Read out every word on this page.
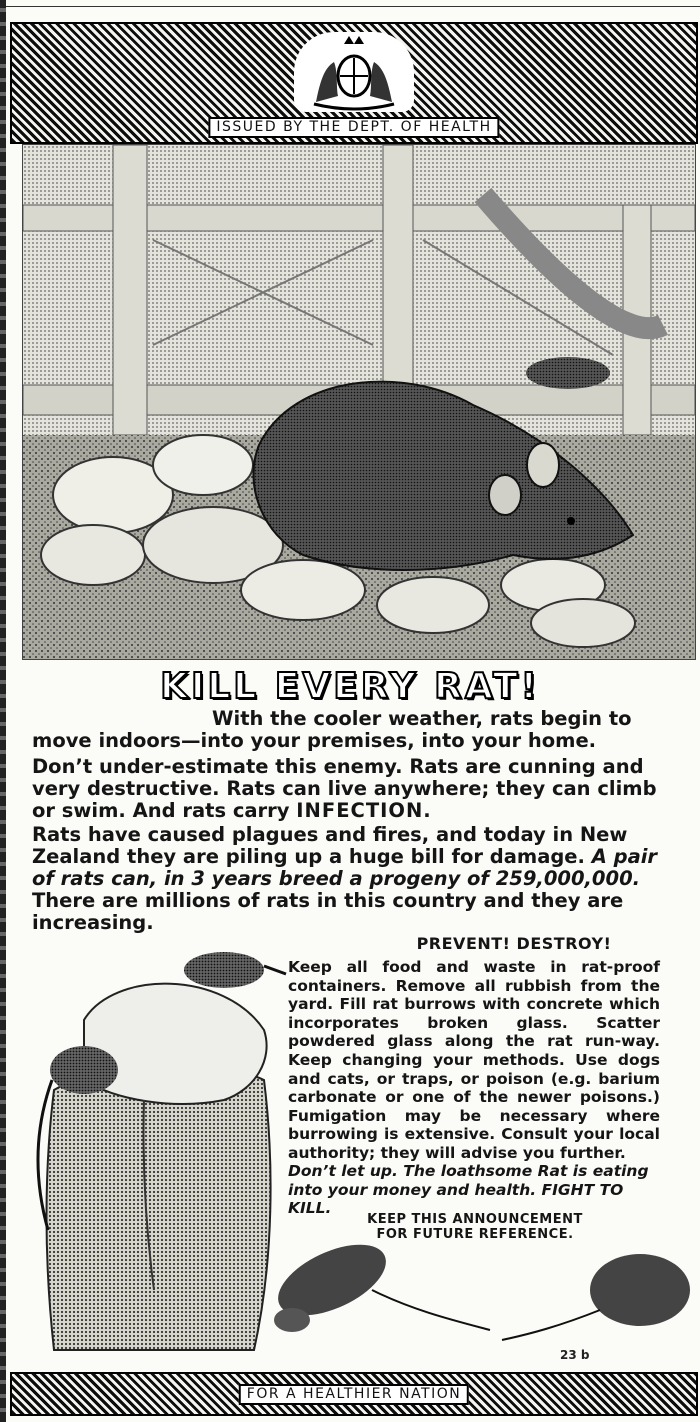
ISSUED BY THE DEPT. OF HEALTH
KILL EVERY RAT!
With the cooler weather, rats begin to move indoors—into your premises, into your home.
Don’t under-estimate this enemy. Rats are cunning and very destructive. Rats can live anywhere; they can climb or swim. And rats carry INFECTION.
Rats have caused plagues and fires, and today in New Zealand they are piling up a huge bill for damage. A pair of rats can, in 3 years breed a progeny of 259,000,000. There are millions of rats in this country and they are increasing.
PREVENT! DESTROY!
Keep all food and waste in rat-proof containers. Remove all rubbish from the yard. Fill rat burrows with concrete which incorporates broken glass. Scatter powdered glass along the rat run-way. Keep changing your methods. Use dogs and cats, or traps, or poison (e.g. barium carbonate or one of the newer poisons.) Fumigation may be necessary where burrowing is extensive. Consult your local authority; they will advise you further.
Don’t let up. The loathsome Rat is eating into your money and health. FIGHT TO KILL.
KEEP THIS ANNOUNCEMENT
FOR FUTURE REFERENCE.
23 b
FOR A HEALTHIER NATION
